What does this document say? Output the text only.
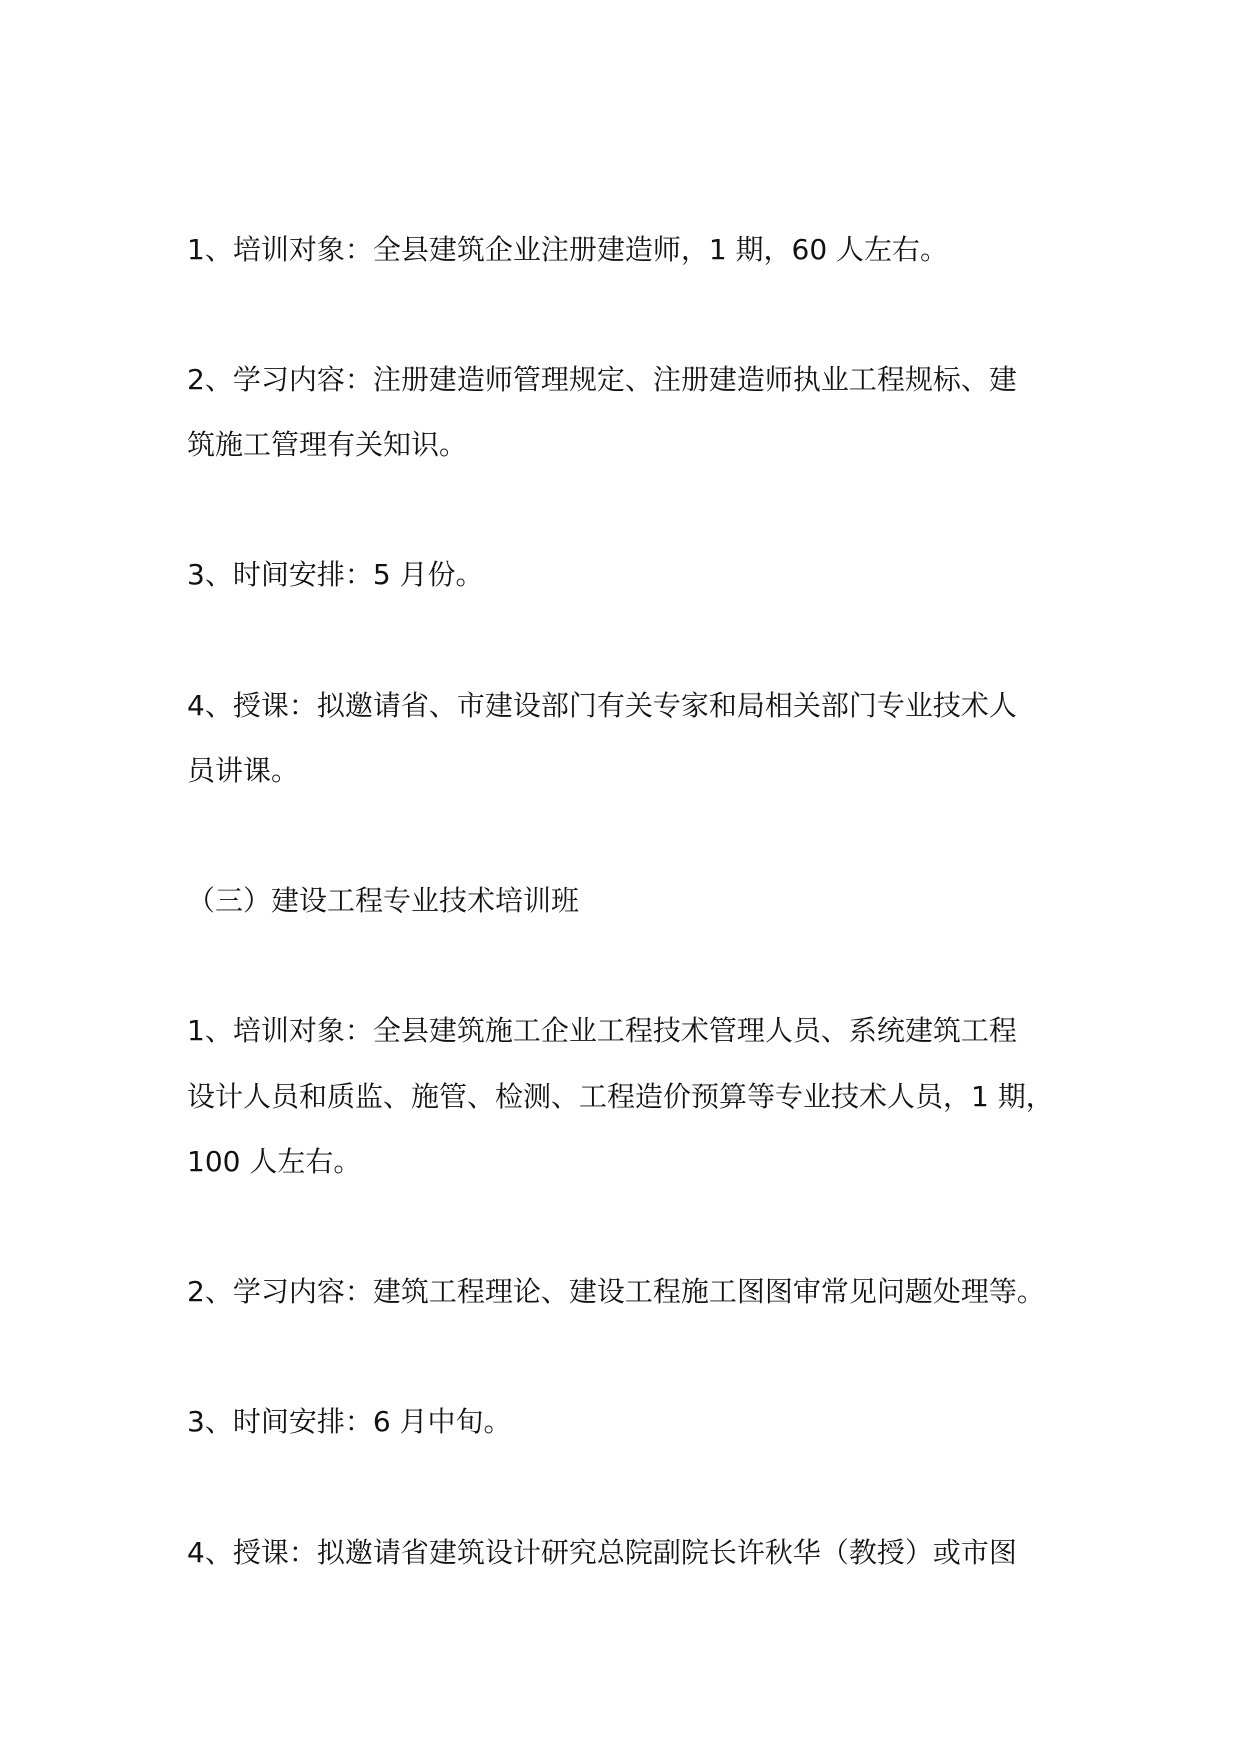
1、培训对象：全县建筑企业注册建造师，1 期，60 人左右。
2、学习内容：注册建造师管理规定、注册建造师执业工程规标、建
筑施工管理有关知识。
3、时间安排：5 月份。
4、授课：拟邀请省、市建设部门有关专家和局相关部门专业技术人
员讲课。
（三）建设工程专业技术培训班
1、培训对象：全县建筑施工企业工程技术管理人员、系统建筑工程
设计人员和质监、施管、检测、工程造价预算等专业技术人员，1 期，
100 人左右。
2、学习内容：建筑工程理论、建设工程施工图图审常见问题处理等。
3、时间安排：6 月中旬。
4、授课：拟邀请省建筑设计研究总院副院长许秋华（教授）或市图
